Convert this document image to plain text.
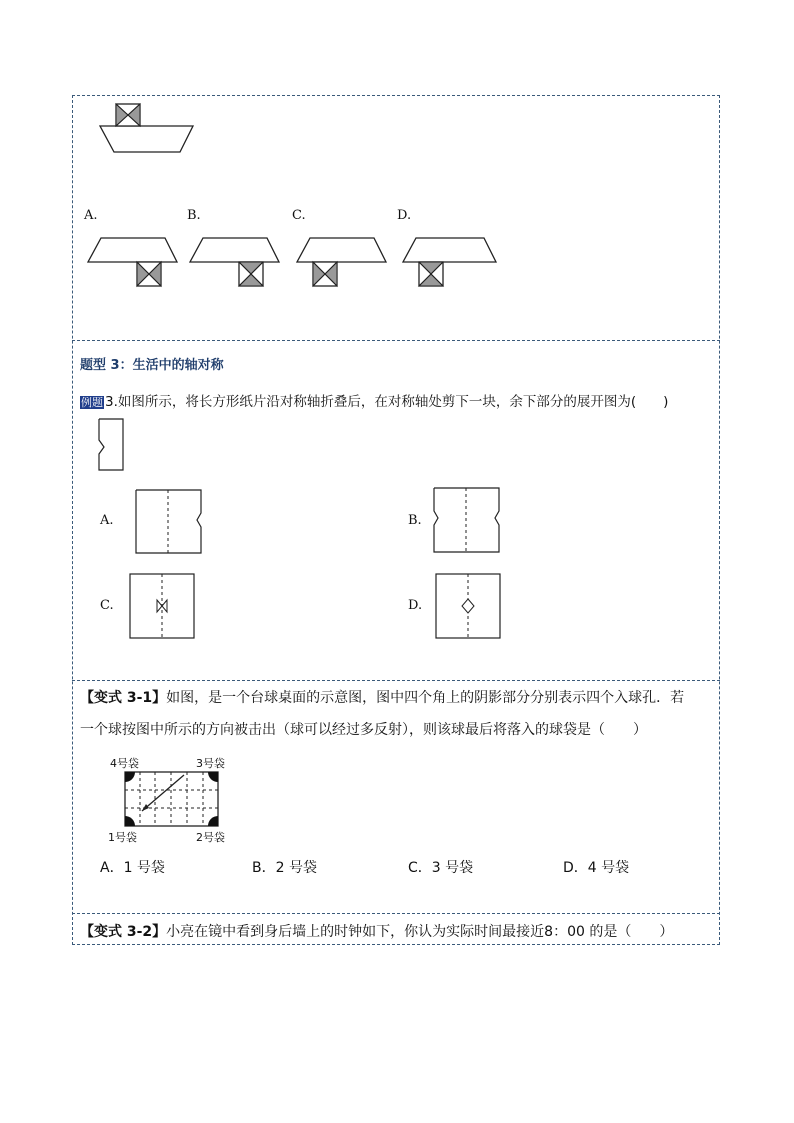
A.	B.	C.	D.
题型 3：生活中的轴对称
例题 3.如图所示，将长方形纸片沿对称轴折叠后，在对称轴处剪下一块，余下部分的展开图为(　　)
A.	B.
C.	D.
【变式 3-1】如图，是一个台球桌面的示意图，图中四个角上的阴影部分分别表示四个入球孔．若
一个球按图中所示的方向被击出（球可以经过多反射），则该球最后将落入的球袋是（　　）
4号袋	3号袋
1号袋	2号袋
A．1 号袋	B．2 号袋	C．3 号袋	D．4 号袋
【变式 3-2】小亮在镜中看到身后墙上的时钟如下，你认为实际时间最接近8：00 的是（　　）
